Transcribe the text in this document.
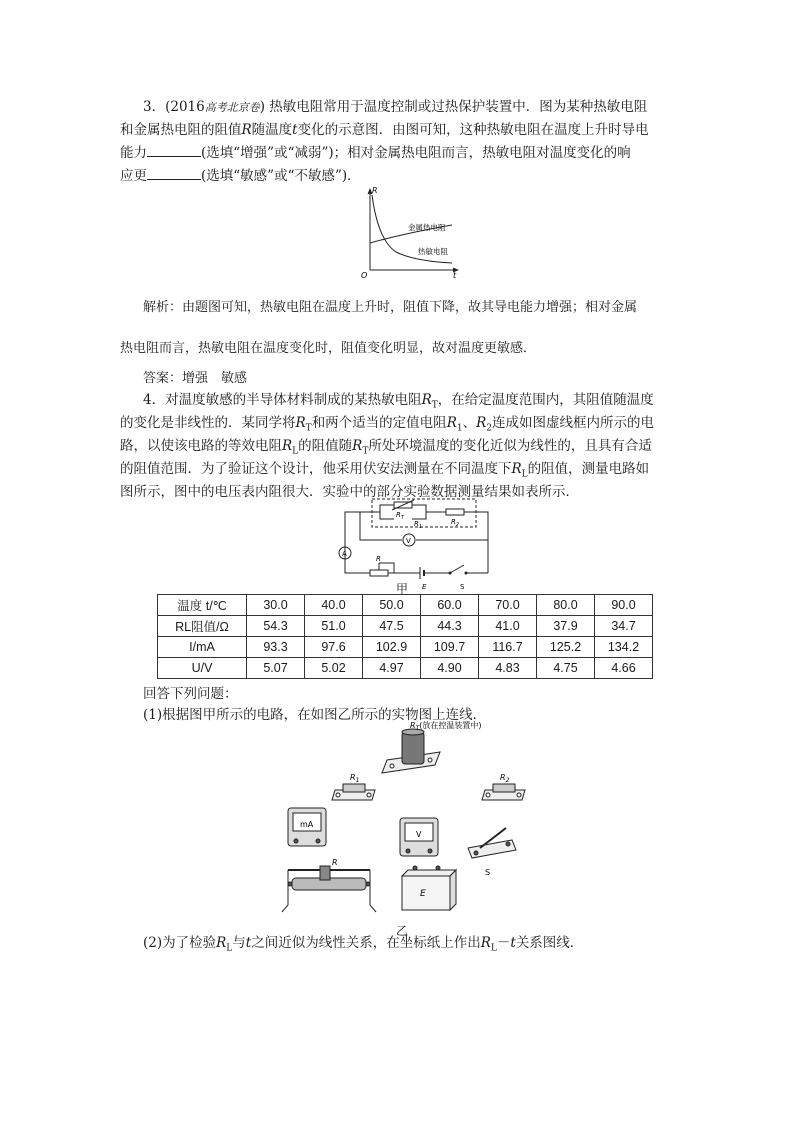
3．(2016高考北京卷) 热敏电阻常用于温度控制或过热保护装置中．图为某种热敏电阻
和金属热电阻的阻值R随温度t变化的示意图．由图可知，这种热敏电阻在温度上升时导电
能力	(选填“增强”或“减弱”)；相对金属热电阻而言，热敏电阻对温度变化的响
应更	(选填“敏感”或“不敏感”)．
R
t
O
金属热电阻
热敏电阻
解析：由题图可知，热敏电阻在温度上升时，阻值下降，故其导电能力增强；相对金属
热电阻而言，热敏电阻在温度变化时，阻值变化明显，故对温度更敏感．
答案：增强　敏感
4．对温度敏感的半导体材料制成的某热敏电阻$R_T$，在给定温度范围内，其阻值随温度
的变化是非线性的．某同学将$R_T$和两个适当的定值电阻$R_1$、$R_2$连成如图虚线框内所示的电
路，以使该电路的等效电阻$R_L$的阻值随$R_T$所处环境温度的变化近似为线性的，且具有合适
的阻值范围．为了验证这个设计，他采用伏安法测量在不同温度下$R_L$的阻值，测量电路如
图所示，图中的电压表内阻很大．实验中的部分实验数据测量结果如表所示．
$R_T$
$R_1$
$R_2$
V
A
R
E	S
甲
温度 t/℃	30.0	40.0	50.0	60.0	70.0	80.0	90.0
RL阻值/Ω	54.3	51.0	47.5	44.3	41.0	37.9	34.7
I/mA	93.3	97.6	102.9	109.7	116.7	125.2	134.2
U/V	5.07	5.02	4.97	4.90	4.83	4.75	4.66
回答下列问题：
(1)根据图甲所示的电路，在如图乙所示的实物图上连线．
$R_T$(放在控温装置中)
$R_1$	$R_2$
mA
V
S
E
R
乙
(2)为了检验$R_L$与t之间近似为线性关系，在坐标纸上作出$R_L-t$关系图线．
